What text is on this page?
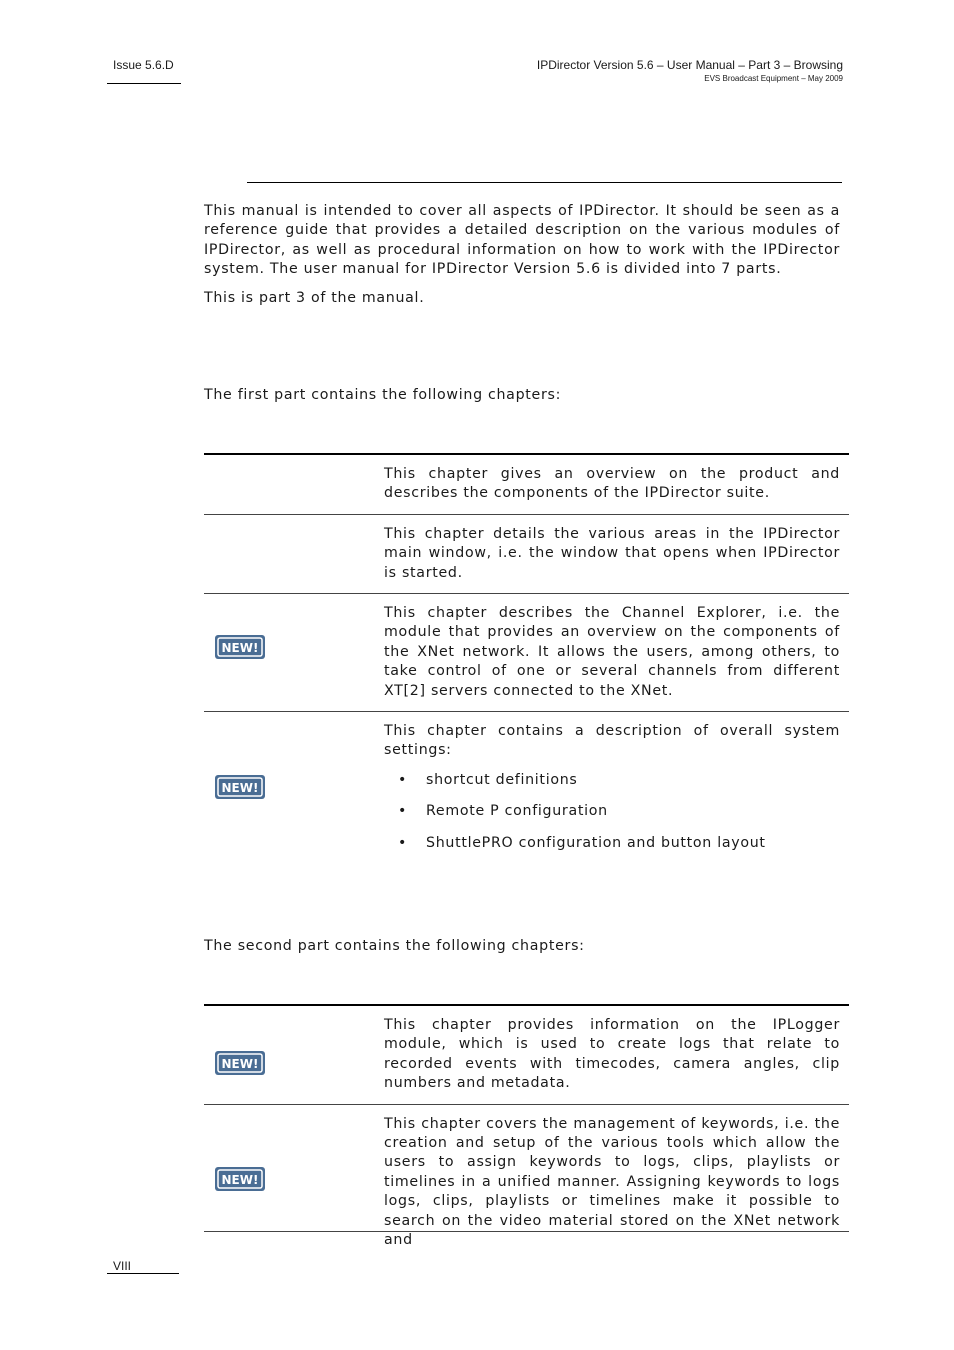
Issue 5.6.D	IPDirector Version 5.6 – User Manual – Part 3 – Browsing
EVS Broadcast Equipment – May 2009
This manual is intended to cover all aspects of IPDirector. It should be seen as a reference guide that provides a detailed description on the various modules of IPDirector, as well as procedural information on how to work with the IPDirector system. The user manual for IPDirector Version 5.6 is divided into 7 parts.
This is part 3 of the manual.
The first part contains the following chapters:
This chapter gives an overview on the product and describes the components of the IPDirector suite.
This chapter details the various areas in the IPDirector main window, i.e. the window that opens when IPDirector is started.
NEW!
This chapter describes the Channel Explorer, i.e. the module that provides an overview on the components of the XNet network. It allows the users, among others, to take control of one or several channels from different XT[2] servers connected to the XNet.
NEW!

This chapter contains a description of overall system settings:

• shortcut definitions
• Remote P configuration
• ShuttlePRO configuration and button layout
The second part contains the following chapters:
NEW!
This chapter provides information on the IPLogger module, which is used to create logs that relate to recorded events with timecodes, camera angles, clip numbers and metadata.
NEW!
This chapter covers the management of keywords, i.e. the creation and setup of the various tools which allow the users to assign keywords to logs, clips, playlists or timelines in a unified manner. Assigning keywords to logs logs, clips, playlists or timelines make it possible to search on the video material stored on the XNet network and
VIII
